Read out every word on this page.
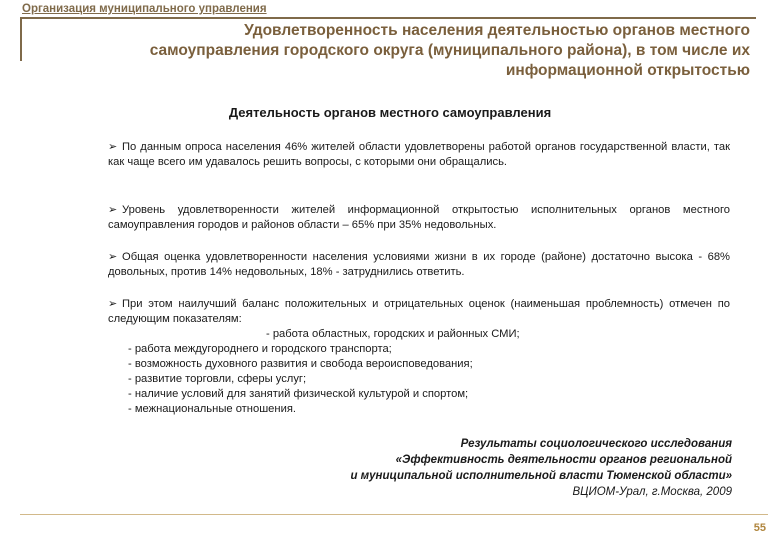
Организация муниципального управления
Удовлетворенность населения деятельностью органов местного
самоуправления городского округа (муниципального района), в том числе их
информационной открытостью
Деятельность органов местного самоуправления
➢ По данным опроса населения 46% жителей области удовлетворены работой органов государственной власти, так как чаще всего им удавалось решить вопросы, с которыми они обращались.
➢ Уровень удовлетворенности жителей информационной открытостью исполнительных органов местного самоуправления городов и районов области – 65% при 35% недовольных.
➢ Общая оценка удовлетворенности населения условиями жизни в их городе (районе) достаточно высока - 68% довольных, против 14% недовольных, 18% - затруднились ответить.
➢ При этом наилучший баланс положительных и отрицательных оценок (наименьшая проблемность) отмечен по следующим показателям:
- работа областных, городских и районных СМИ;
- работа междугороднего и городского транспорта;
- возможность духовного развития и свобода вероисповедования;
- развитие торговли, сферы услуг;
- наличие условий для занятий физической культурой и спортом;
- межнациональные отношения.
Результаты социологического исследования
«Эффективность деятельности органов региональной
и муниципальной исполнительной власти Тюменской области»
ВЦИОМ-Урал, г.Москва, 2009
55
